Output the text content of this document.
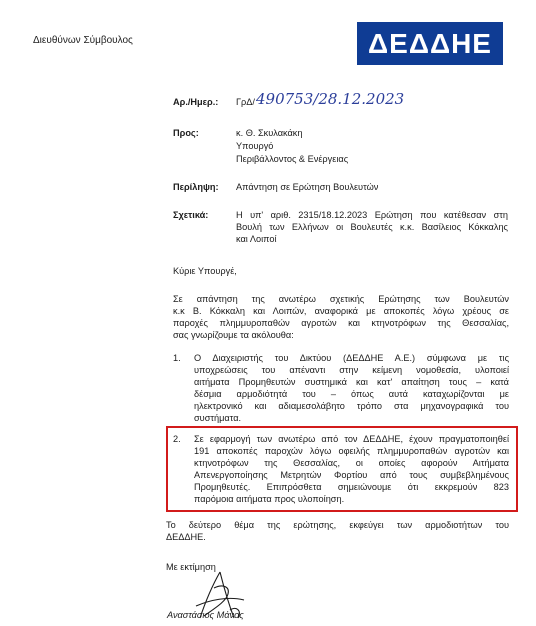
Διευθύνων Σύμβουλος	ΔΕΔΔΗΕ
Αρ./Ημερ.: ΓρΔ/ 490753/28.12.2023
Προς:	κ. Θ. Σκυλακάκη
Υπουργό
Περιβάλλοντος & Ενέργειας
Περίληψη: Απάντηση σε Ερώτηση Βουλευτών
Σχετικά:	Η υπ' αριθ. 2315/18.12.2023 Ερώτηση που κατέθεσαν στη
Βουλή των Ελλήνων οι Βουλευτές κ.κ. Βασίλειος Κόκκαλης
και Λοιποί
Κύριε Υπουργέ,
Σε απάντηση της ανωτέρω σχετικής Ερώτησης των Βουλευτών
κ.κ Β. Κόκκαλη και Λοιπών, αναφορικά με αποκοπές λόγω χρέους σε
παροχές πλημμυροπαθών αγροτών και κτηνοτρόφων της Θεσσαλίας,
σας γνωρίζουμε τα ακόλουθα:
1. Ο Διαχειριστής του Δικτύου (ΔΕΔΔΗΕ Α.Ε.) σύμφωνα με τις
υποχρεώσεις του απέναντι στην κείμενη νομοθεσία, υλοποιεί
αιτήματα Προμηθευτών συστημικά και κατ' απαίτηση τους – κατά
δέσμια αρμοδιότητά του – όπως αυτά καταχωρίζονται με
ηλεκτρονικό και αδιαμεσολάβητο τρόπο στα μηχανογραφικά του
συστήματα.
2. Σε εφαρμογή των ανωτέρω από τον ΔΕΔΔΗΕ, έχουν πραγματοποιηθεί
191 αποκοπές παροχών λόγω οφειλής πλημμυροπαθών αγροτών και
κτηνοτρόφων της Θεσσαλίας, οι οποίες αφορούν Αιτήματα
Απενεργοποίησης Μετρητών Φορτίου από τους συμβεβλημένους
Προμηθευτές. Επιπρόσθετα σημειώνουμε ότι εκκρεμούν 823
παρόμοια αιτήματα προς υλοποίηση.
Το δεύτερο θέμα της ερώτησης, εκφεύγει των αρμοδιοτήτων του
ΔΕΔΔΗΕ.
Με εκτίμηση
Αναστάσιος Μάνος
